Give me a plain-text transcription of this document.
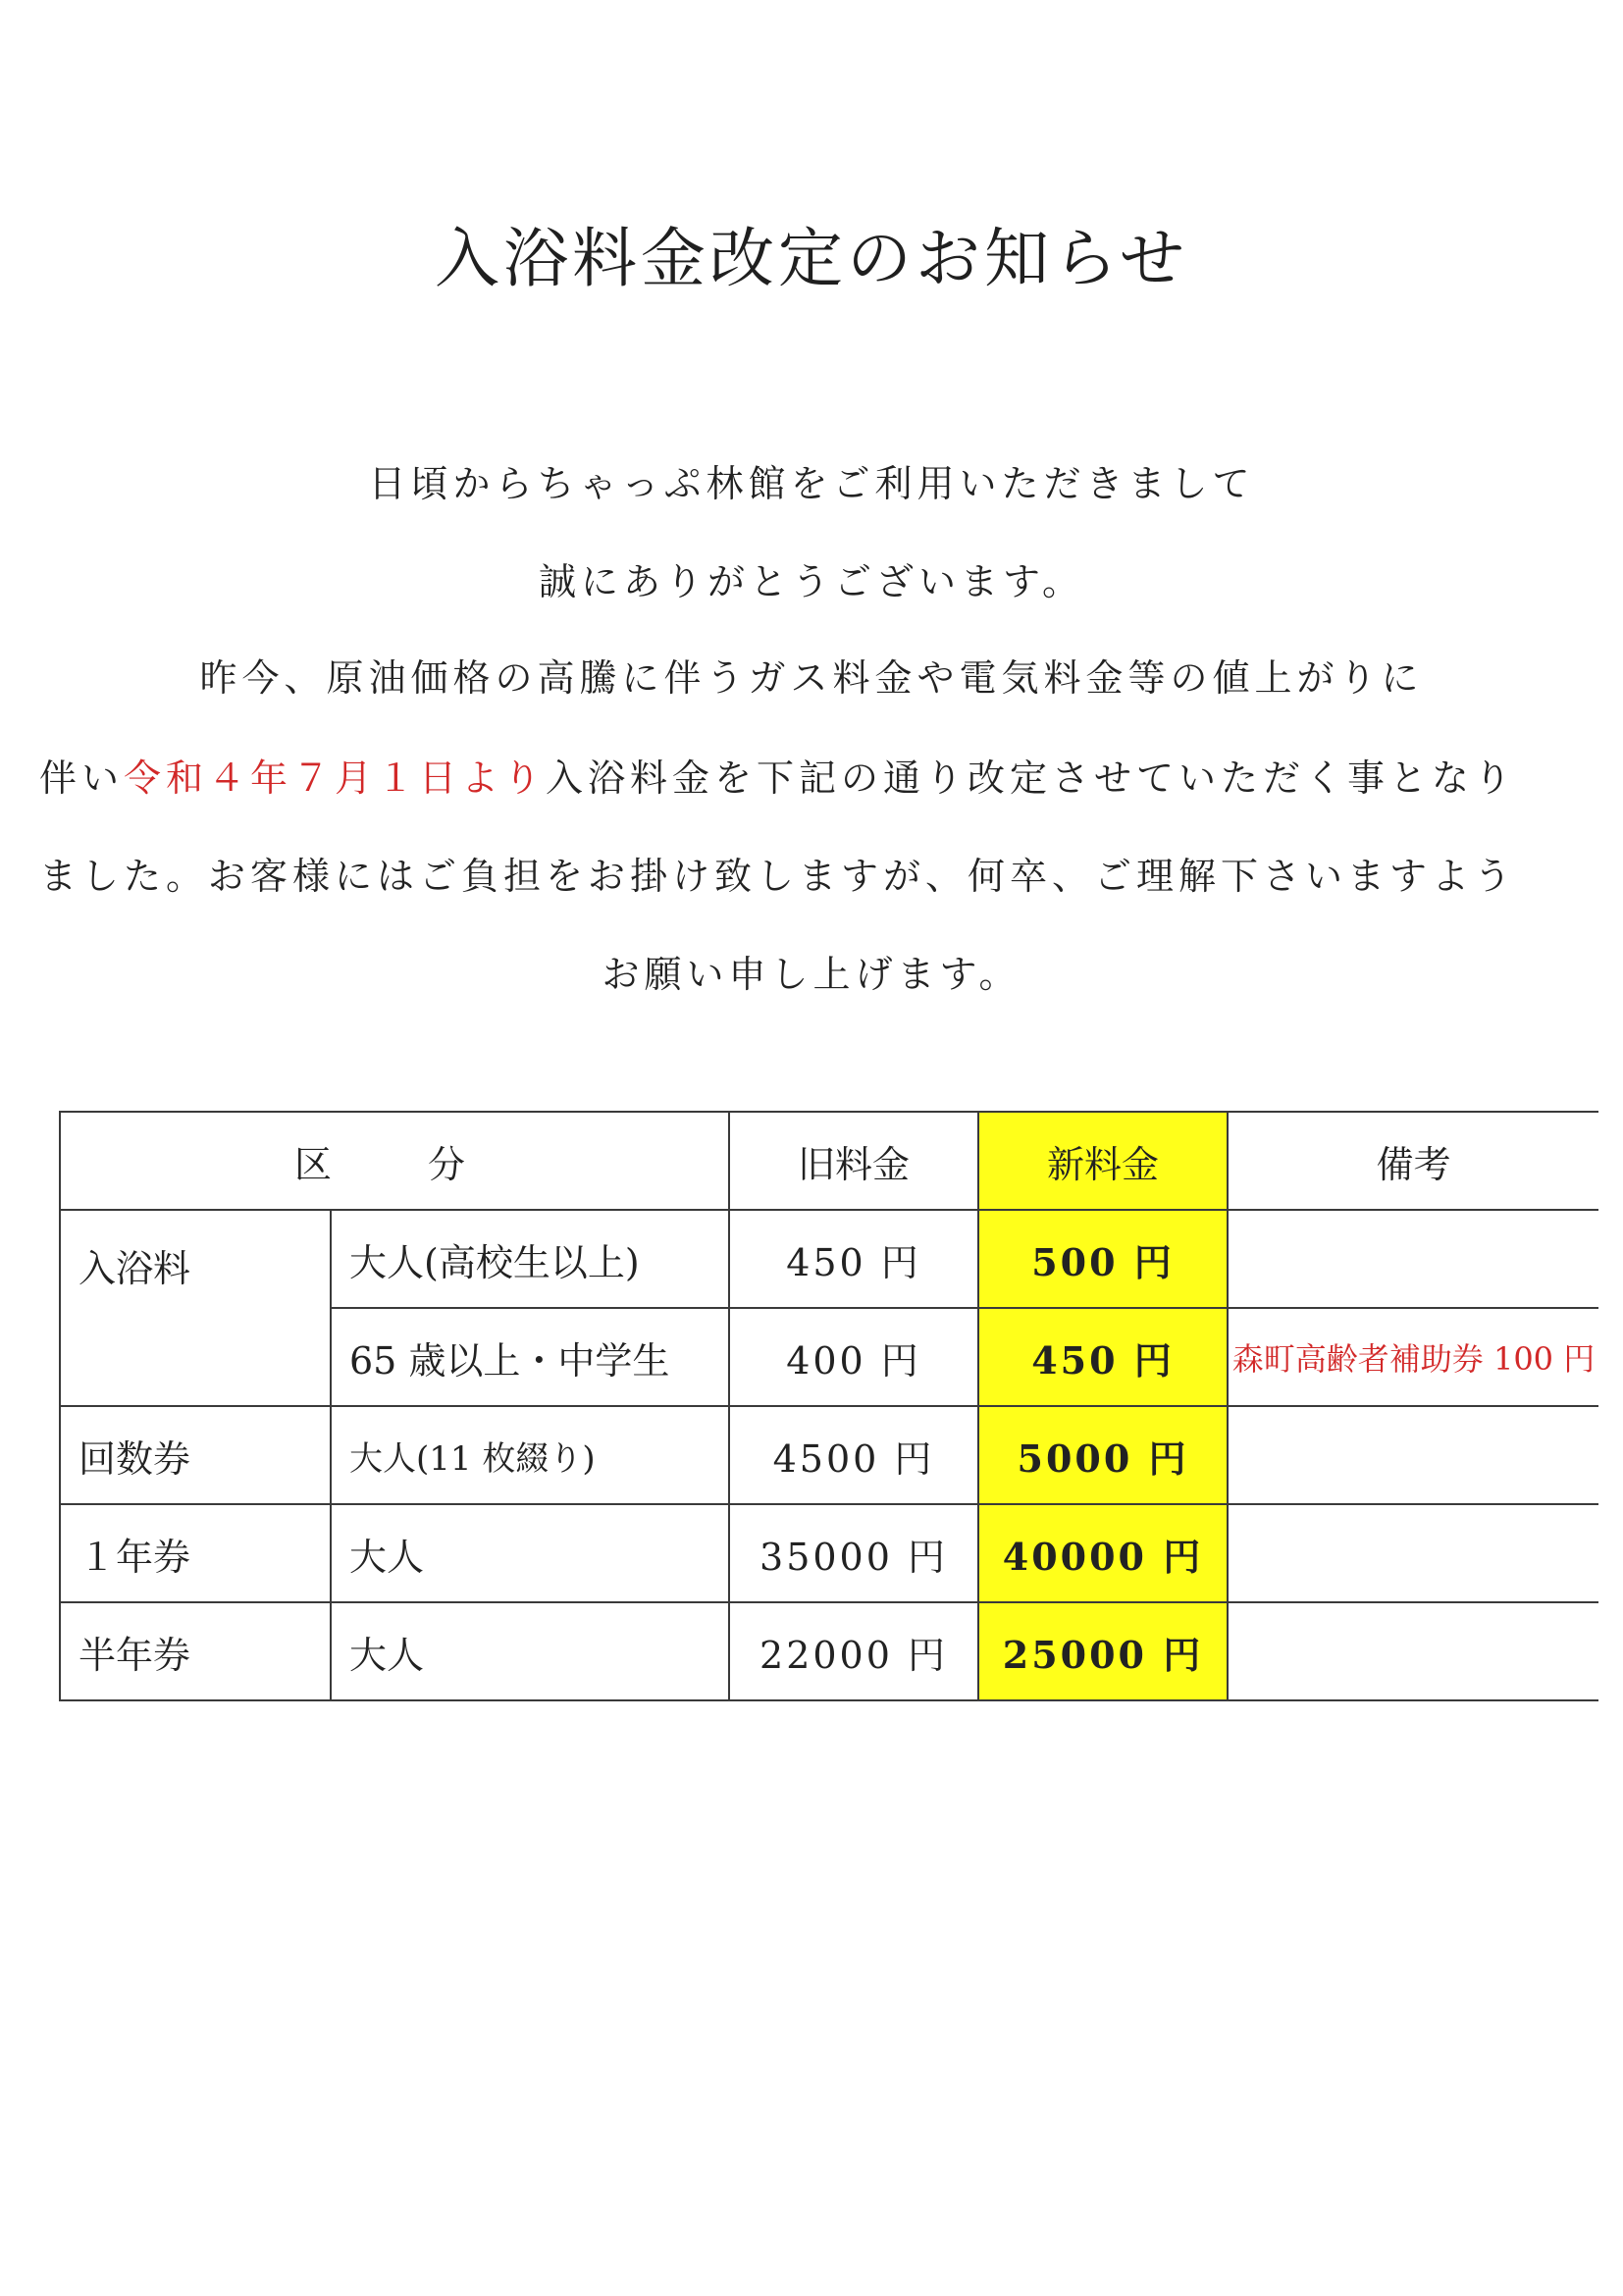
入浴料金改定のお知らせ
日頃からちゃっぷ林館をご利用いただきまして
誠にありがとうございます。
昨今、原油価格の高騰に伴うガス料金や電気料金等の値上がりに
伴い令和４年７月１日より入浴料金を下記の通り改定させていただく事となり
ました。お客様にはご負担をお掛け致しますが、何卒、ご理解下さいますよう
お願い申し上げます。
区　分		旧料金	新料金	備考
入浴料	大人(高校生以上)	450 円	500 円	
	65 歳以上・中学生	400 円	450 円	森町高齢者補助券 100 円
回数券	大人(11 枚綴り)	4500 円	5000 円	
１年券	大人	35000 円	40000 円	
半年券	大人	22000 円	25000 円	
